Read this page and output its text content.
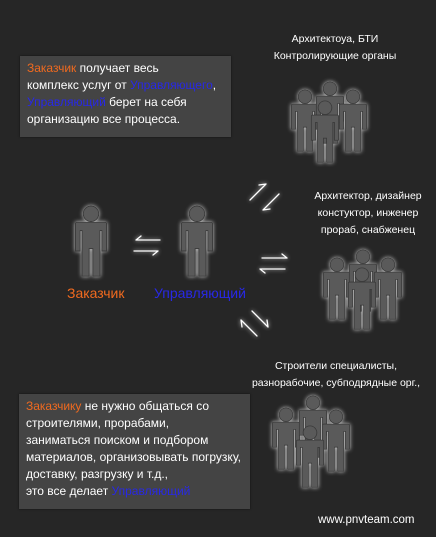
Заказчик получает весь
комплекс услуг от Управляющего,
Управляющий берет на себя
организацию все процесса.
Заказчику не нужно общаться со
строителями, прорабами,
заниматься поиском и подбором
материалов, организовывать погрузку,
доставку, разгрузку и т.д.,
это все делает Управляющий
Архитектоуа, БТИ
Контролирующие органы
Архитектор, дизайнер
констуктор, инженер
прораб, снабженец
Строители специалисты,
разнорабочие, субподрядные орг.,
Заказчик Управляющий
www.pnvteam.com
